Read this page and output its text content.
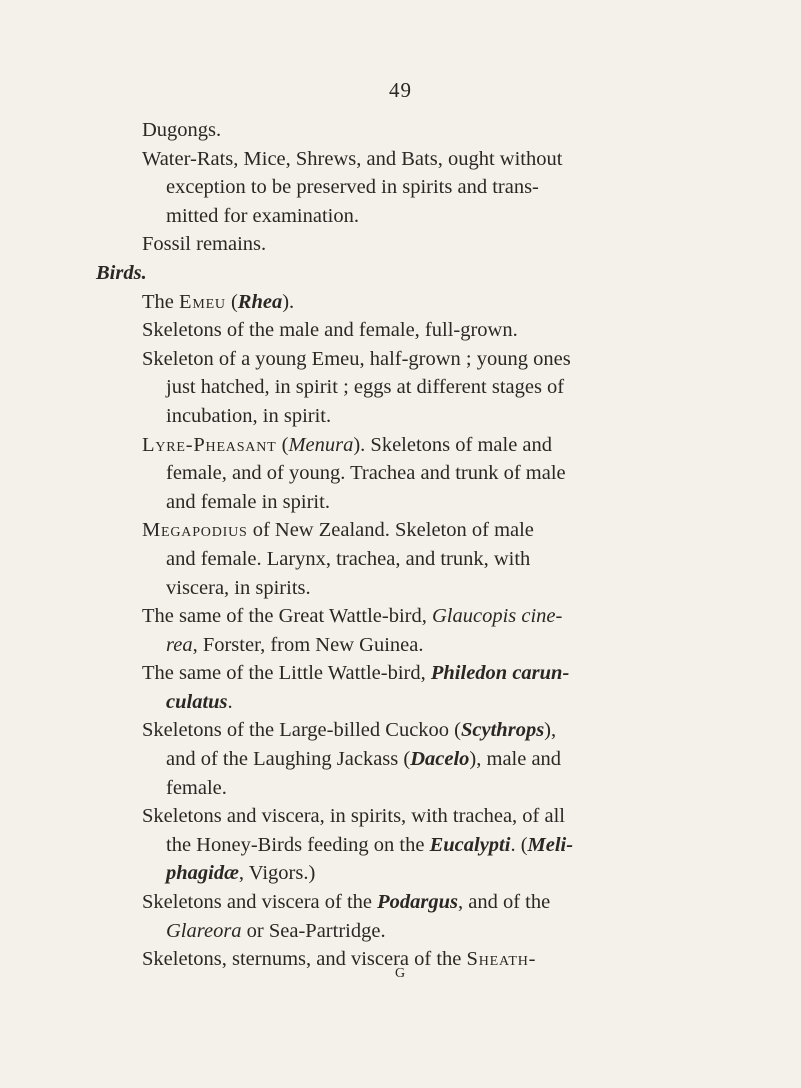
49
Dugongs.
Water-Rats, Mice, Shrews, and Bats, ought without
exception to be preserved in spirits and trans-
mitted for examination.
Fossil remains.
Birds.
The Emeu (Rhea).
Skeletons of the male and female, full-grown.
Skeleton of a young Emeu, half-grown ; young ones
just hatched, in spirit ; eggs at different stages of
incubation, in spirit.
Lyre-Pheasant (Menura). Skeletons of male and
female, and of young. Trachea and trunk of male
and female in spirit.
Megapodius of New Zealand. Skeleton of male
and female. Larynx, trachea, and trunk, with
viscera, in spirits.
The same of the Great Wattle-bird, Glaucopis cine-
rea, Forster, from New Guinea.
The same of the Little Wattle-bird, Philedon carun-
culatus.
Skeletons of the Large-billed Cuckoo (Scythrops),
and of the Laughing Jackass (Dacelo), male and
female.
Skeletons and viscera, in spirits, with trachea, of all
the Honey-Birds feeding on the Eucalypti. (Meli-
phagidæ, Vigors.)
Skeletons and viscera of the Podargus, and of the
Glareora or Sea-Partridge.
Skeletons, sternums, and viscera of the Sheath-
G
